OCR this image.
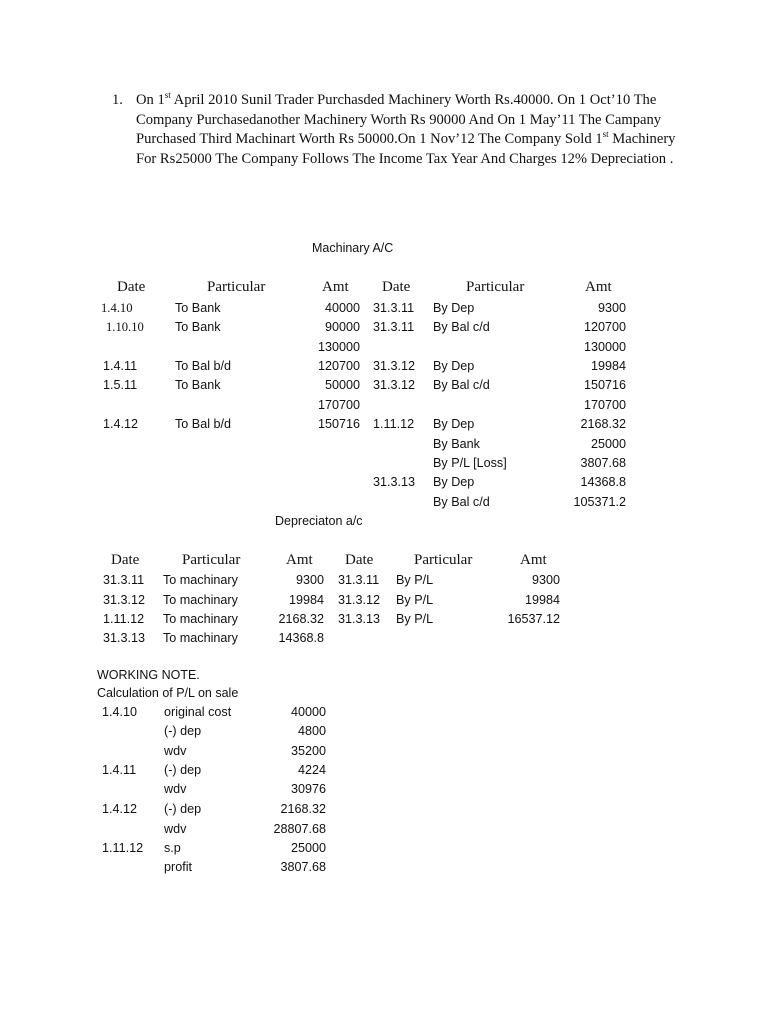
1. On 1st April 2010 Sunil Trader Purchasded Machinery Worth Rs.40000. On 1 Oct’10 The Company Purchasedanother Machinery Worth Rs 90000 And On 1 May’11 The Campany Purchased Third Machinart Worth Rs 50000.On 1 Nov’12 The Company Sold 1st Machinery For Rs25000 The Company Follows The Income Tax Year And Charges 12% Depreciation .
Machinary A/C
Date	Particular	Amt Date	Particular	Amt
1.4.10	To Bank	40000 31.3.11 By Dep	9300
1.10.10 To Bank	90000 31.3.11 By Bal c/d	120700
130000	130000
1.4.11	To Bal b/d	120700 31.3.12 By Dep	19984
1.5.11	To Bank	50000 31.3.12 By Bal c/d	150716
170700	170700
1.4.12	To Bal b/d	150716 1.11.12 By Dep	2168.32
By Bank	25000
By P/L [Loss]	3807.68
31.3.13 By Dep	14368.8
By Bal c/d	105371.2
Depreciaton a/c
Date	Particular	Amt Date	Particular	Amt
31.3.11 To machinary	9300 31.3.11 By P/L	9300
31.3.12 To machinary	19984 31.3.12 By P/L	19984
1.11.12 To machinary	2168.32 31.3.13 By P/L	16537.12
31.3.13 To machinary	14368.8
WORKING NOTE.
Calculation of P/L on sale
1.4.10 original cost	40000
(-) dep	4800
wdv	35200
1.4.11 (-) dep	4224
wdv	30976
1.4.12 (-) dep	2168.32
wdv	28807.68
1.11.12 s.p	25000
profit	3807.68
